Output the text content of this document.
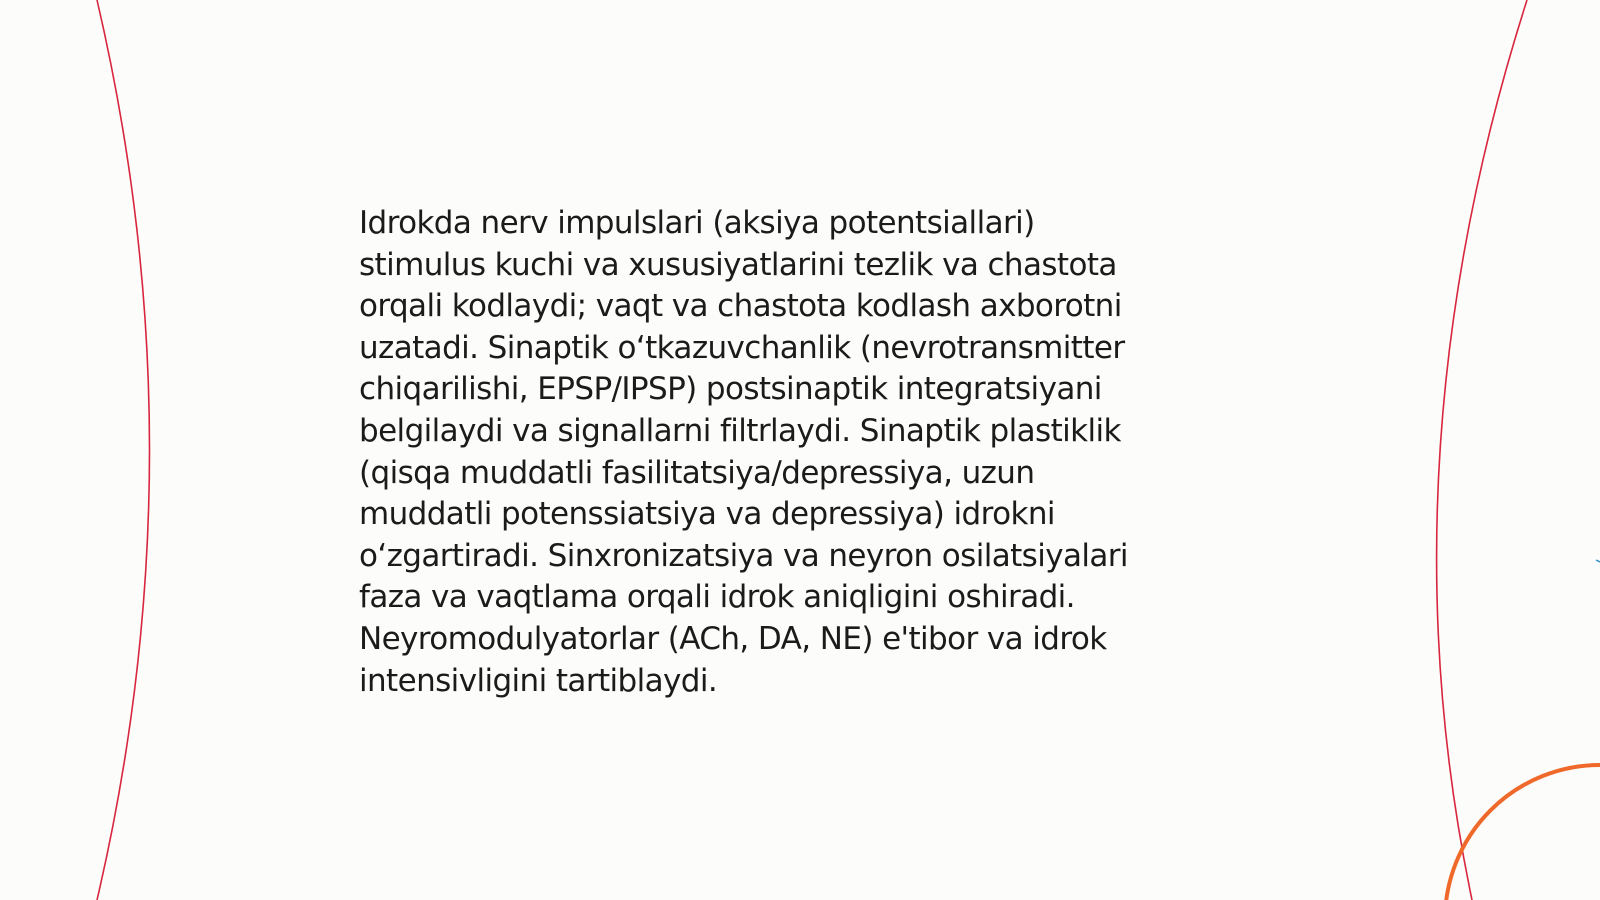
Idrokda nerv impulslari (aksiya potentsiallari)
stimulus kuchi va xususiyatlarini tezlik va chastota
orqali kodlaydi; vaqt va chastota kodlash axborotni
uzatadi. Sinaptik o‘tkazuvchanlik (nevrotransmitter
chiqarilishi, EPSP/IPSP) postsinaptik integratsiyani
belgilaydi va signallarni filtrlaydi. Sinaptik plastiklik
(qisqa muddatli fasilitatsiya/depressiya, uzun
muddatli potenssiatsiya va depressiya) idrokni
o‘zgartiradi. Sinxronizatsiya va neyron osilatsiyalari
faza va vaqtlama orqali idrok aniqligini oshiradi.
Neyromodulyatorlar (ACh, DA, NE) e'tibor va idrok
intensivligini tartiblaydi.
